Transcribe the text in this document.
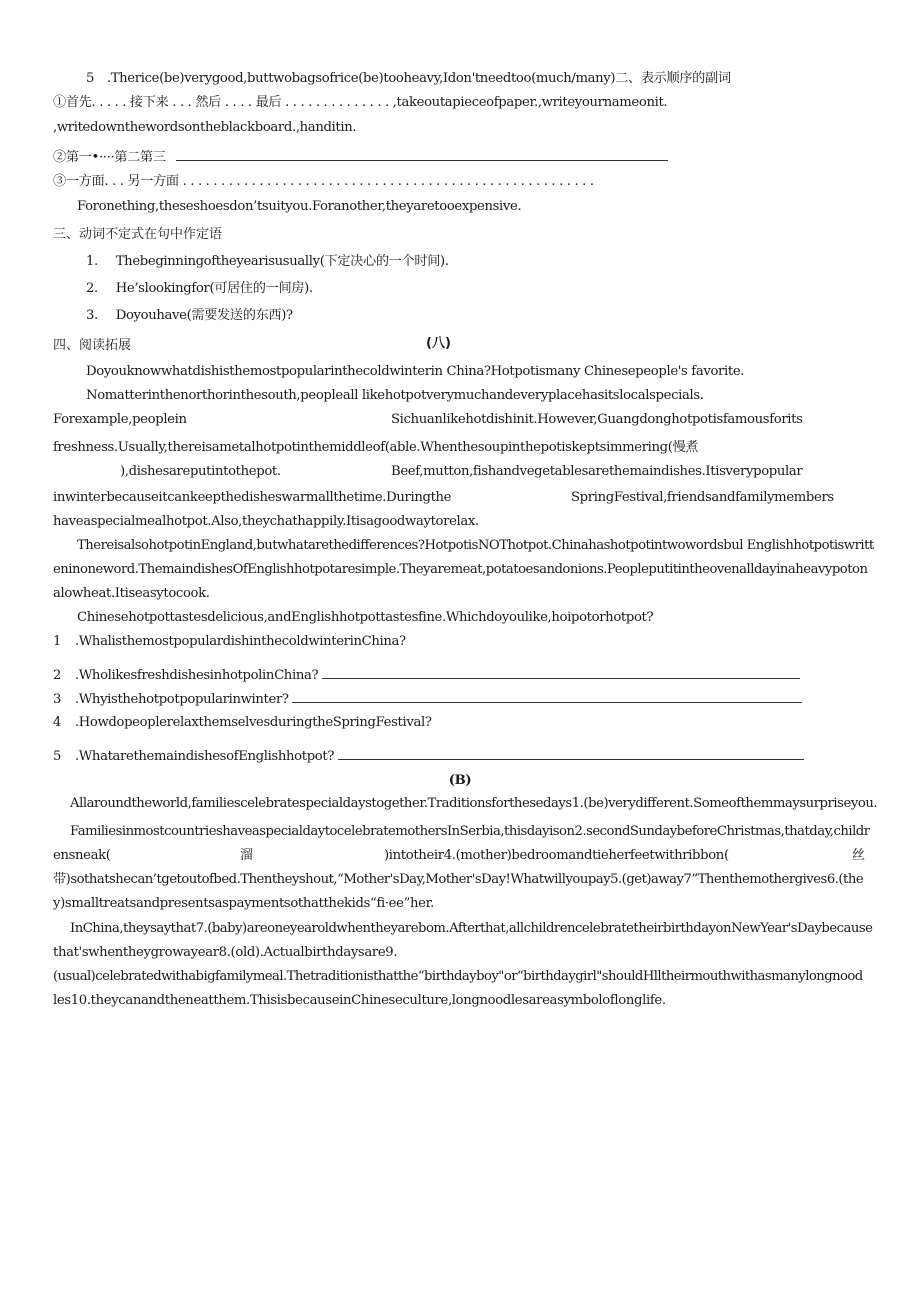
5　.Therice(be)verygood,buttwobagsofrice(be)tooheavy,Idon'tneedtoo(much/many)二、表示顺序的副词
①首先. . . . . 接下来 . . . 然后 . . . . 最后 . . . . . . . . . . . . . . ,takeoutapieceofpaper.,writeyournameonit.
,writedownthewordsontheblackboard.,handitin.
②第一•····第二第三
③一方面. . . 另一方面 . . . . . . . . . . . . . . . . . . . . . . . . . . . . . . . . . . . . . . . . . . . . . . . . . . . . . .
Foronething,theseshoesdon’tsuityou.Foranother,theyaretooexpensive.
三、动词不定式在句中作定语
1. Thebeginningoftheyearisusually(下定决心的一个时间).
2. He’slookingfor(可居住的一间房).
3. Doyouhave(需要发送的东西)?
四、阅读拓展	(八)
Doyouknowwhatdishisthemostpopularinthecoldwinterin China?Hotpotismany Chinesepeople's favorite.
Nomatterinthenorthorinthesouth,peopleall likehotpotverymuchandeveryplacehasitslocalspecials.
Forexample,peoplein	Sichuanlikehotdishinit.However,Guangdonghotpotisfamousforits
freshness.Usually,thereisametalhotpotinthemiddleof(able.Whenthesoupinthepotiskeptsimmering(慢煮
),dishesareputintothepot.	Beef,mutton,fishandvegetablesarethemaindishes.Itisverypopular
inwinterbecauseitcankeepthedisheswarmallthetime.Duringthe	SpringFestival,friendsandfamilymembers
haveaspecialmealhotpot.Also,theychathappily.Itisagoodwaytorelax.
ThereisalsohotpotinEngland,butwhatarethedifferences?HotpotisNOThotpot.Chinahashotpotintwowordsbul Englishhotpotiswritt
eninoneword.ThemaindishesOfEnglishhotpotaresimple.Theyaremeat,potatoesandonions.Peopleputitintheovenalldayinaheavypoton
alowheat.Itiseasytocook.
Chinesehotpottastesdelicious,andEnglishhotpottastesfine.Whichdoyoulike,hoipotorhotpot?
1 .WhalisthemostpopulardishinthecoldwinterinChina?
2 .WholikesfreshdishesinhotpolinChina?
3 .Whyisthehotpotpopularinwinter?
4 .HowdopeoplerelaxthemselvesduringtheSpringFestival?
5 .WhatarethemaindishesofEnglishhotpot?
(B)
Allaroundtheworld,familiescelebratespecialdaystogether.Traditionsforthesedays1.(be)verydifferent.Someofthemmaysurpriseyou.
FamiliesinmostcountrieshaveaspecialdaytocelebratemothersInSerbia,thisdayison2.secondSundaybeforeChristmas,thatday,childr
ensneak(	溜	)intotheir4.(mother)bedroomandtieherfeetwithribbon(	丝
带)sothatshecan’tgetoutofbed.Thentheyshout,“Mother'sDay,Mother'sDay!Whatwillyoupay5.(get)away7”Thenthemothergives6.(the
y)smalltreatsandpresentsaspaymentsothatthekids“fi·ee”her.
InChina,theysaythat7.(baby)areoneyearoldwhentheyarebom.Afterthat,allchildrencelebratetheirbirthdayonNewYear'sDaybecause
that'swhentheygrowayear8.(old).Actualbirthdaysare9.
(usual)celebratedwithabigfamilymeal.Thetraditionisthatthe“birthdayboy"or“birthdaygirl"shouldHlltheirmouthwithasmanylongnood
les10.theycanandtheneatthem.ThisisbecauseinChineseculture,longnoodlesareasymboloflonglife.
